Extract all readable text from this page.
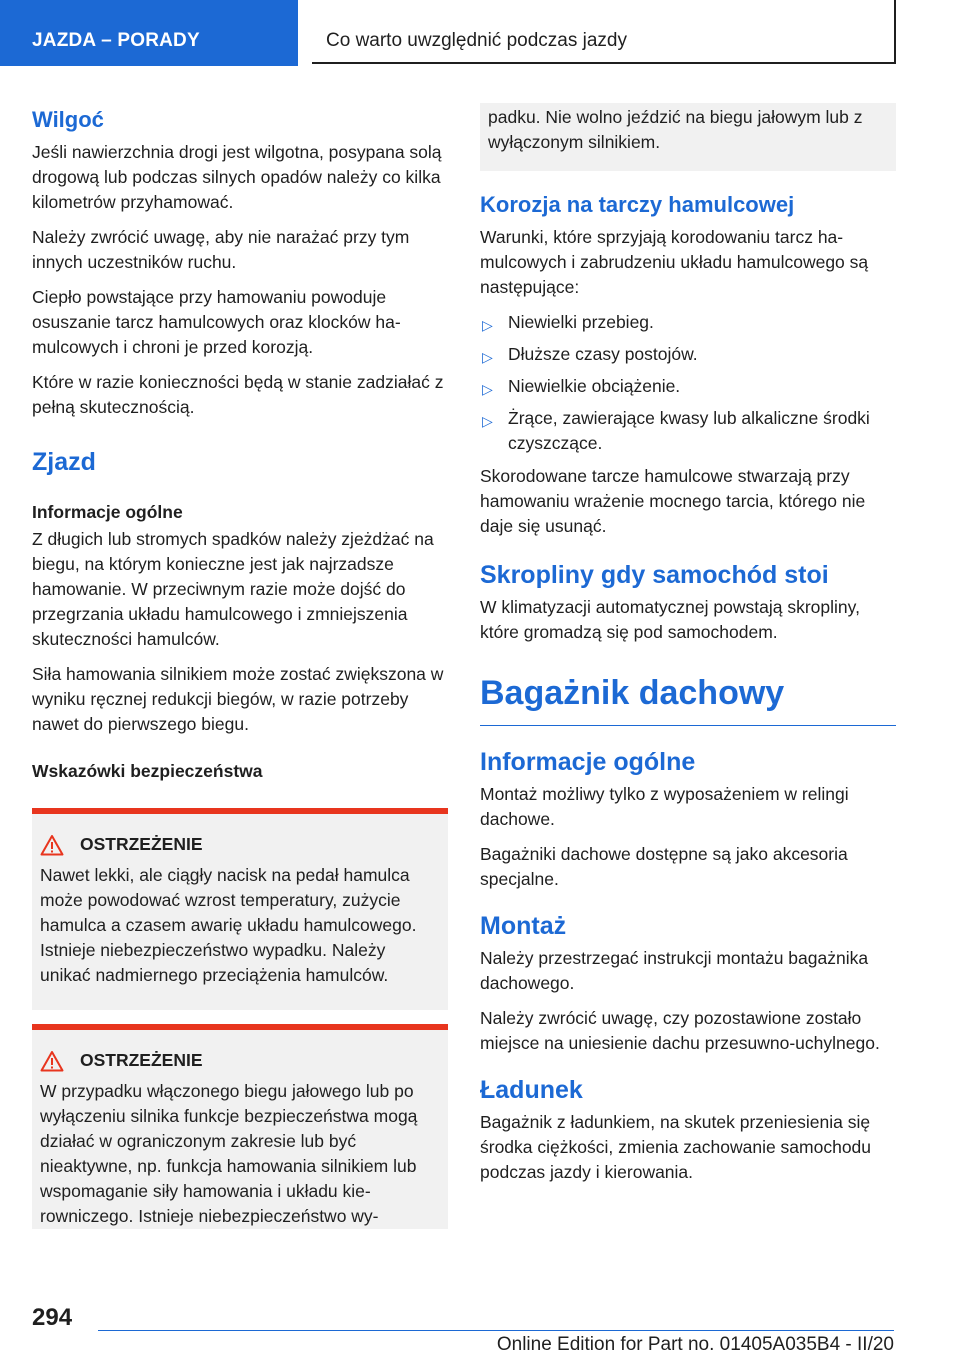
JAZDA – PORADY	Co warto uwzględnić podczas jazdy
Wilgoć

Jeśli nawierzchnia drogi jest wilgotna, posypana solą drogową lub podczas silnych opadów należy co kilka kilometrów przyhamować.

Należy zwrócić uwagę, aby nie narażać przy tym innych uczestników ruchu.

Ciepło powstające przy hamowaniu powoduje osuszanie tarcz hamulcowych oraz klocków hamulcowych i chroni je przed korozją.

Które w razie konieczności będą w stanie zadziałać z pełną skutecznością.

Zjazd
Informacje ogólne

Z długich lub stromych spadków należy zjeżdżać na biegu, na którym konieczne jest jak najrzadsze hamowanie. W przeciwnym razie może dojść do przegrzania układu hamulcowego i zmniejszenia skuteczności hamulców.

Siła hamowania silnikiem może zostać zwiększona w wyniku ręcznej redukcji biegów, w razie potrzeby nawet do pierwszego biegu.

Wskazówki bezpieczeństwa
OSTRZEŻENIE

Nawet lekki, ale ciągły nacisk na pedał hamulca może powodować wzrost temperatury, zużycie hamulca a czasem awarię układu hamulcowego. Istnieje niebezpieczeństwo wypadku. Należy unikać nadmiernego przeciążenia hamulców.

OSTRZEŻENIE

W przypadku włączonego biegu jałowego lub po wyłączeniu silnika funkcje bezpieczeństwa mogą działać w ograniczonym zakresie lub być nieaktywne, np. funkcja hamowania silnikiem lub wspomaganie siły hamowania i układu kierowniczego. Istnieje niebezpieczeństwo wy-

padku. Nie wolno jeździć na biegu jałowym lub z wyłączonym silnikiem.

Korozja na tarczy hamulcowej

Warunki, które sprzyjają korodowaniu tarcz hamulcowych i zabrudzeniu układu hamulcowego są następujące:

▷ Niewielki przebieg.
▷ Dłuższe czasy postojów.
▷ Niewielkie obciążenie.
▷ Żrące, zawierające kwasy lub alkaliczne środki czyszczące.

Skorodowane tarcze hamulcowe stwarzają przy hamowaniu wrażenie mocnego tarcia, którego nie daje się usunąć.

Skropliny gdy samochód stoi

W klimatyzacji automatycznej powstają skropliny, które gromadzą się pod samochodem.

Bagażnik dachowy
Informacje ogólne

Montaż możliwy tylko z wyposażeniem w relingi dachowe.

Bagażniki dachowe dostępne są jako akcesoria specjalne.

Montaż

Należy przestrzegać instrukcji montażu bagażnika dachowego.

Należy zwrócić uwagę, czy pozostawione zostało miejsce na uniesienie dachu przesuwno-uchylnego.

Ładunek

Bagażnik z ładunkiem, na skutek przeniesienia się środka ciężkości, zmienia zachowanie samochodu podczas jazdy i kierowania.

294
Online Edition for Part no. 01405A035B4 - II/20
